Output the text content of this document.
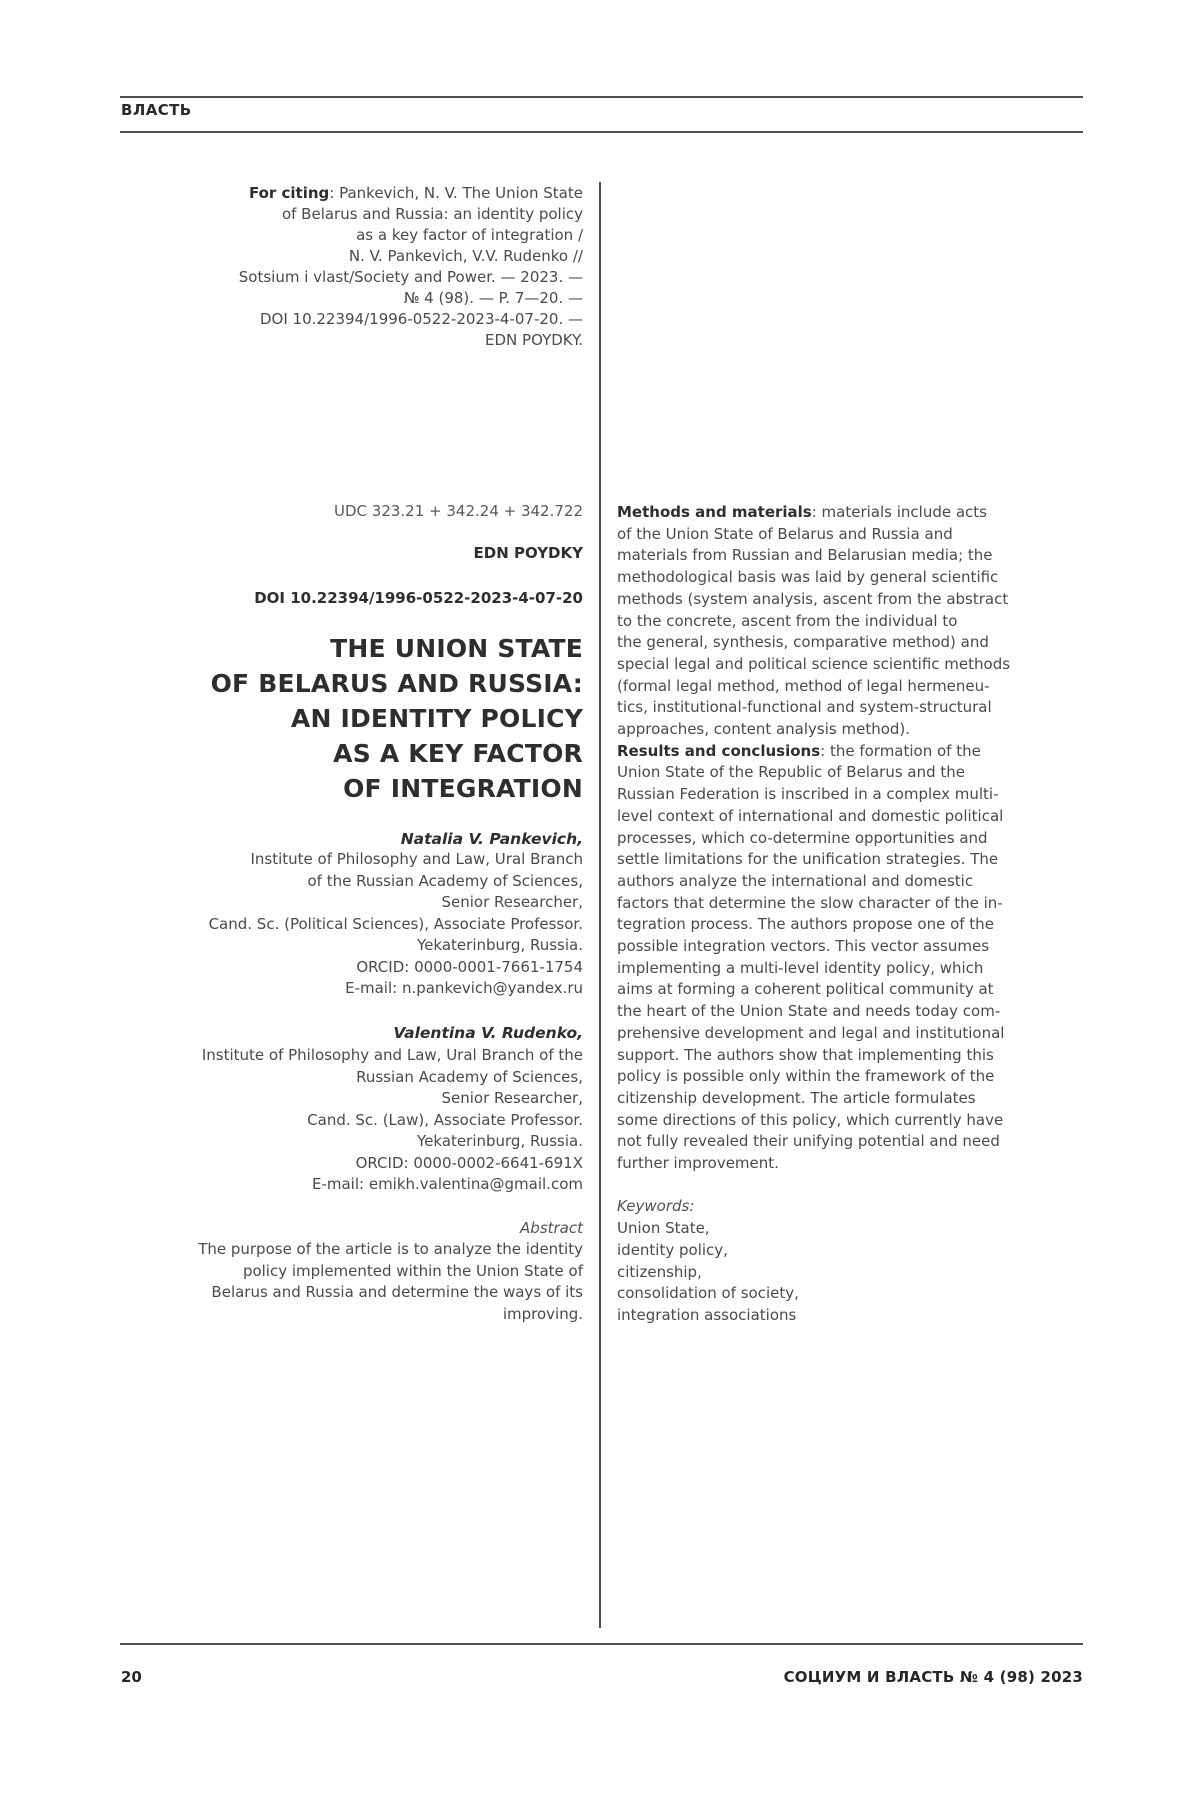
ВЛАСТЬ
For citing: Pankevich, N. V. The Union State
of Belarus and Russia: an identity policy
as a key factor of integration /
N. V. Pankevich, V.V. Rudenko //
Sotsium i vlast/Society and Power. — 2023. —
№ 4 (98). — P. 7—20. —
DOI 10.22394/1996-0522-2023-4-07-20. —
EDN POYDKY.
UDC 323.21 + 342.24 + 342.722
EDN POYDKY
DOI 10.22394/1996-0522-2023-4-07-20
THE UNION STATE
OF BELARUS AND RUSSIA:
AN IDENTITY POLICY
AS A KEY FACTOR
OF INTEGRATION
Natalia V. Pankevich,
Institute of Philosophy and Law, Ural Branch
of the Russian Academy of Sciences,
Senior Researcher,
Cand. Sc. (Political Sciences), Associate Professor.
Yekaterinburg, Russia.
ORCID: 0000-0001-7661-1754
E-mail: n.pankevich@yandex.ru
Valentina V. Rudenko,
Institute of Philosophy and Law, Ural Branch of the
Russian Academy of Sciences,
Senior Researcher,
Cand. Sc. (Law), Associate Professor.
Yekaterinburg, Russia.
ORCID: 0000-0002-6641-691X
E-mail: emikh.valentina@gmail.com
Abstract
The purpose of the article is to analyze the identity
policy implemented within the Union State of
Belarus and Russia and determine the ways of its
improving.

Methods and materials: materials include acts
of the Union State of Belarus and Russia and
materials from Russian and Belarusian media; the
methodological basis was laid by general scientific
methods (system analysis, ascent from the abstract
to the concrete, ascent from the individual to
the general, synthesis, comparative method) and
special legal and political science scientific methods
(formal legal method, method of legal hermeneu-
tics, institutional-functional and system-structural
approaches, content analysis method).

Results and conclusions: the formation of the
Union State of the Republic of Belarus and the
Russian Federation is inscribed in a complex multi-
level context of international and domestic political
processes, which co-determine opportunities and
settle limitations for the unification strategies. The
authors analyze the international and domestic
factors that determine the slow character of the in-
tegration process. The authors propose one of the
possible integration vectors. This vector assumes
implementing a multi-level identity policy, which
aims at forming a coherent political community at
the heart of the Union State and needs today com-
prehensive development and legal and institutional
support. The authors show that implementing this
policy is possible only within the framework of the
citizenship development. The article formulates
some directions of this policy, which currently have
not fully revealed their unifying potential and need
further improvement.

Keywords:
Union State,
identity policy,
citizenship,
consolidation of society,
integration associations
20	СОЦИУМ И ВЛАСТЬ № 4 (98) 2023
